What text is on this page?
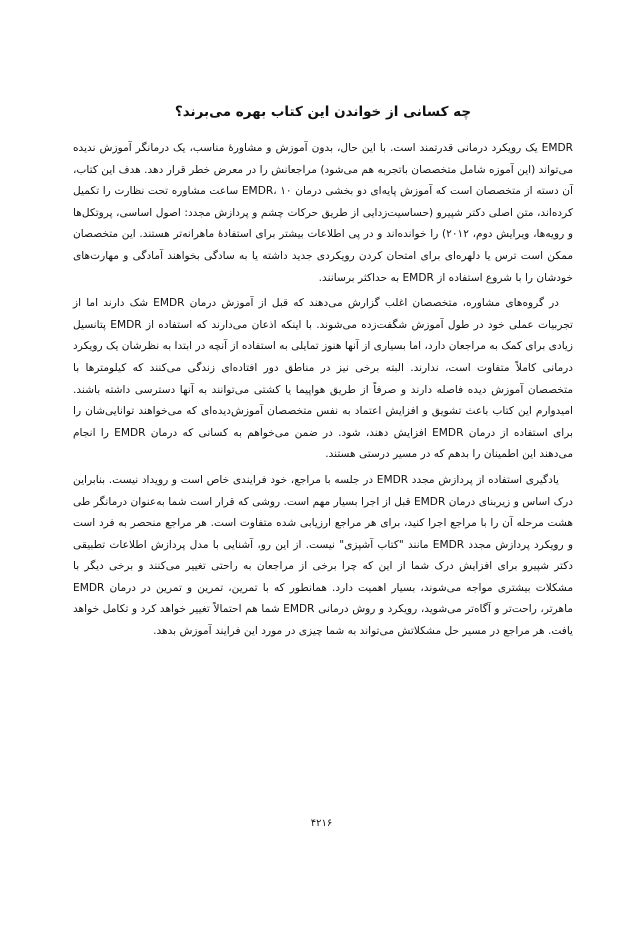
چه کسانی از خواندن این کتاب بهره می‌برند؟

EMDR یک رویکرد درمانی قدرتمند است. با این حال، بدون آموزش و مشاورۀ مناسب، یک درمانگر آموزش ندیده می‌تواند (این آموزه شامل متخصصان باتجربه هم می‌شود) مراجعانش را در معرض خطر قرار دهد. هدف این کتاب، آن دسته از متخصصان است که آموزش پایه‌ای دو بخشی درمان EMDR، ۱۰ ساعت مشاوره تحت نظارت را تکمیل کرده‌اند، متن اصلی دکتر شپیرو (حساسیت‌زدایی از طریق حرکات چشم و پردازش مجدد: اصول اساسی، پروتکل‌ها و رویه‌ها، ویرایش دوم، ۲۰۱۲) را خوانده‌اند و در پی اطلاعات بیشتر برای استفادۀ ماهرانه‌تر هستند. این متخصصان ممکن است ترس یا دلهره‌ای برای امتحان کردن رویکردی جدید داشته یا به سادگی بخواهند آمادگی و مهارت‌های خودشان را با شروع استفاده از EMDR به حداکثر برسانند.

در گروه‌های مشاوره، متخصصان اغلب گزارش می‌دهند که قبل از آموزش درمان EMDR شک دارند اما از تجربیات عملی خود در طول آموزش شگفت‌زده می‌شوند. با اینکه اذعان می‌دارند که استفاده از EMDR پتانسیل زیادی برای کمک به مراجعان دارد، اما بسیاری از آنها هنوز تمایلی به استفاده از آنچه در ابتدا به نظرشان یک رویکرد درمانی کاملاً متفاوت است، ندارند. البته برخی نیز در مناطق دور افتاده‌ای زندگی می‌کنند که کیلومترها با متخصصان آموزش دیده فاصله دارند و صرفاً از طریق هواپیما یا کشتی می‌توانند به آنها دسترسی داشته باشند. امیدوارم این کتاب باعث تشویق و افزایش اعتماد به نفس متخصصان آموزش‌دیده‌ای که می‌خواهند توانایی‌شان را برای استفاده از درمان EMDR افزایش دهند، شود. در ضمن می‌خواهم به کسانی که درمان EMDR را انجام می‌دهند این اطمینان را بدهم که در مسیر درستی هستند.

یادگیری استفاده از پردازش مجدد EMDR در جلسه با مراجع، خود فرایندی خاص است و رویداد نیست. بنابراین درک اساس و زیربنای درمان EMDR قبل از اجرا بسیار مهم است. روشی که قرار است شما به‌عنوان درمانگر طی هشت مرحله آن را با مراجع اجرا کنید، برای هر مراجع ارزیابی شده متفاوت است. هر مراجع منحصر به فرد است و رویکرد پردازش مجدد EMDR مانند "کتاب آشپزی" نیست. از این رو، آشنایی با مدل پردازش اطلاعات تطبیقی دکتر شپیرو برای افزایش درک شما از این که چرا برخی از مراجعان به راحتی تغییر می‌کنند و برخی دیگر با مشکلات بیشتری مواجه می‌شوند، بسیار اهمیت دارد. همانطور که با تمرین، تمرین و تمرین در درمان EMDR ماهرتر، راحت‌تر و آگاه‌تر می‌شوید، رویکرد و روش درمانی EMDR شما هم احتمالاً تغییر خواهد کرد و تکامل خواهد یافت. هر مراجع در مسیر حل مشکلاتش می‌تواند به شما چیزی در مورد این فرایند آموزش بدهد.

۴۲۱۶
